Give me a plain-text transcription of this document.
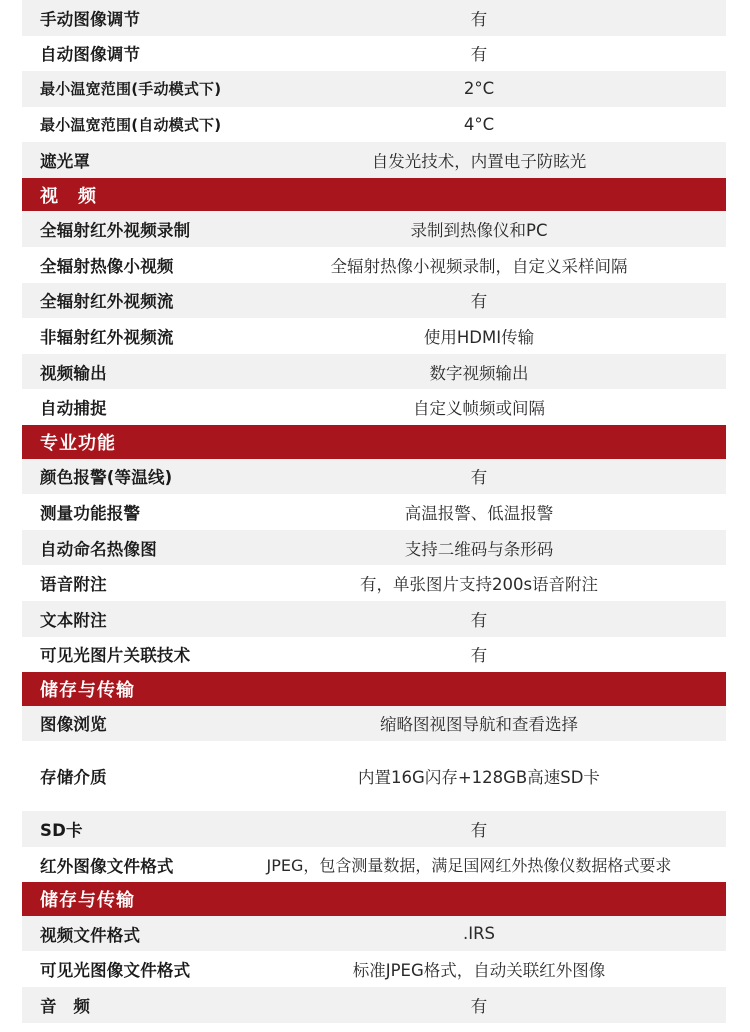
手动图像调节	有
自动图像调节	有
最小温宽范围(手动模式下)	2°C
最小温宽范围(自动模式下)	4°C
遮光罩	自发光技术，内置电子防眩光
视　频
全辐射红外视频录制	录制到热像仪和PC
全辐射热像小视频	全辐射热像小视频录制，自定义采样间隔
全辐射红外视频流	有
非辐射红外视频流	使用HDMI传输
视频输出	数字视频输出
自动捕捉	自定义帧频或间隔
专业功能
颜色报警(等温线)	有
测量功能报警	高温报警、低温报警
自动命名热像图	支持二维码与条形码
语音附注	有，单张图片支持200s语音附注
文本附注	有
可见光图片关联技术	有
储存与传输
图像浏览	缩略图视图导航和查看选择
存储介质	内置16G闪存+128GB高速SD卡
SD卡	有
红外图像文件格式	JPEG，包含测量数据，满足国网红外热像仪数据格式要求
储存与传输
视频文件格式	.IRS
可见光图像文件格式	标准JPEG格式，自动关联红外图像
音　频	有
